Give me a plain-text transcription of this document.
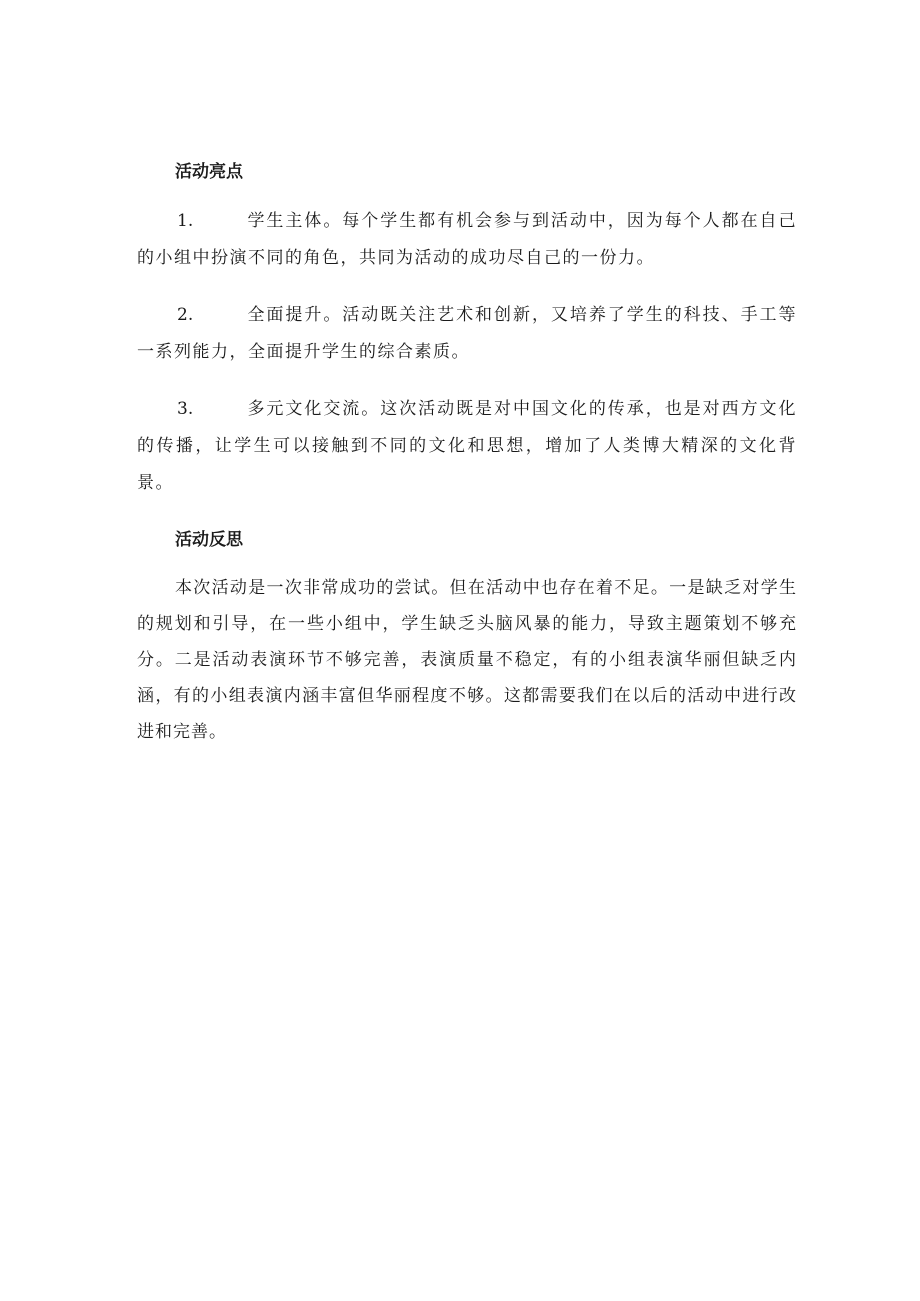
活动亮点

1.	学生主体。每个学生都有机会参与到活动中，因为每个人都在自己的小组中扮演不同的角色，共同为活动的成功尽自己的一份力。

2.	全面提升。活动既关注艺术和创新，又培养了学生的科技、手工等一系列能力，全面提升学生的综合素质。

3.	多元文化交流。这次活动既是对中国文化的传承，也是对西方文化的传播，让学生可以接触到不同的文化和思想，增加了人类博大精深的文化背景。

活动反思

本次活动是一次非常成功的尝试。但在活动中也存在着不足。一是缺乏对学生的规划和引导，在一些小组中，学生缺乏头脑风暴的能力，导致主题策划不够充分。二是活动表演环节不够完善，表演质量不稳定，有的小组表演华丽但缺乏内涵，有的小组表演内涵丰富但华丽程度不够。这都需要我们在以后的活动中进行改进和完善。
